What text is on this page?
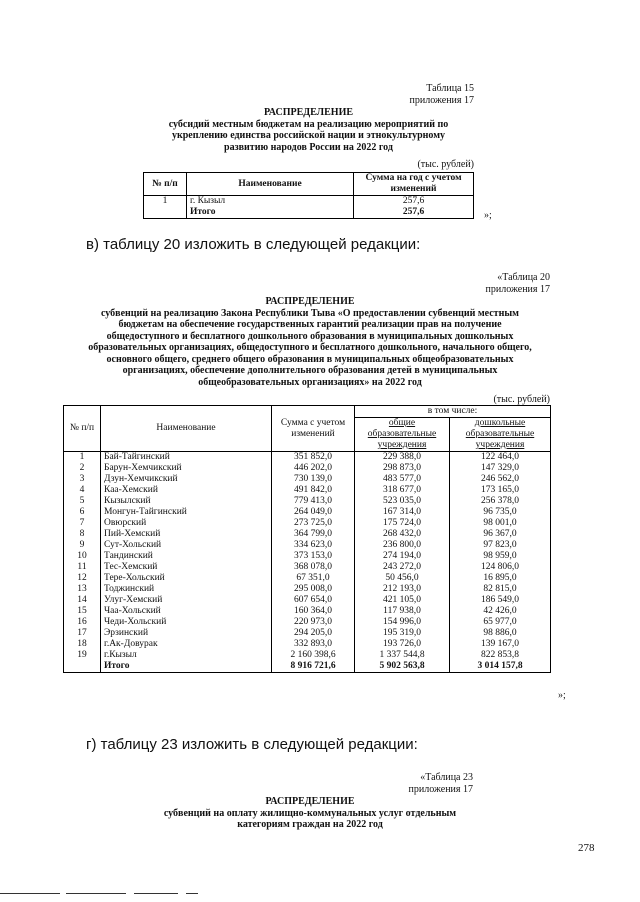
Таблица 15
приложения 17
РАСПРЕДЕЛЕНИЕ
субсидий местным бюджетам на реализацию мероприятий по
укреплению единства российской нации и этнокультурному
развитию народов России на 2022 год
(тыс. рублей)
№ п/п	Наименование	Сумма на год с учетом изменений
1	г. Кызыл	257,6
	Итого	257,6	»;
в) таблицу 20 изложить в следующей редакции:
«Таблица 20
приложения 17
РАСПРЕДЕЛЕНИЕ
субвенций на реализацию Закона Республики Тыва «О предоставлении субвенций местным
бюджетам на обеспечение государственных гарантий реализации прав на получение
общедоступного и бесплатного дошкольного образования в муниципальных дошкольных
образовательных организациях, общедоступного и бесплатного дошкольного, начального общего,
основного общего, среднего общего образования в муниципальных общеобразовательных
организациях, обеспечение дополнительного образования детей в муниципальных
общеобразовательных организациях» на 2022 год
(тыс. рублей)
№ п/п	Наименование	Сумма с учетом изменений	в том числе:	
			общие образовательные учреждения	дошкольные образовательные учреждения
1	Бай-Тайгинский	351 852,0	229 388,0	122 464,0
2	Барун-Хемчикский	446 202,0	298 873,0	147 329,0
3	Дзун-Хемчикский	730 139,0	483 577,0	246 562,0
4	Каа-Хемский	491 842,0	318 677,0	173 165,0
5	Кызылский	779 413,0	523 035,0	256 378,0
6	Монгун-Тайгинский	264 049,0	167 314,0	96 735,0
7	Овюрский	273 725,0	175 724,0	98 001,0
8	Пий-Хемский	364 799,0	268 432,0	96 367,0
9	Сут-Хольский	334 623,0	236 800,0	97 823,0
10	Тандинский	373 153,0	274 194,0	98 959,0
11	Тес-Хемский	368 078,0	243 272,0	124 806,0
12	Тере-Хольский	67 351,0	50 456,0	16 895,0
13	Тоджинский	295 008,0	212 193,0	82 815,0
14	Улуг-Хемский	607 654,0	421 105,0	186 549,0
15	Чаа-Хольский	160 364,0	117 938,0	42 426,0
16	Чеди-Хольский	220 973,0	154 996,0	65 977,0
17	Эрзинский	294 205,0	195 319,0	98 886,0
18	г.Ак-Довурак	332 893,0	193 726,0	139 167,0
19	г.Кызыл	2 160 398,6	1 337 544,8	822 853,8
	Итого	8 916 721,6	5 902 563,8	3 014 157,8
»;
г) таблицу 23 изложить в следующей редакции:
«Таблица 23
приложения 17
РАСПРЕДЕЛЕНИЕ
субвенций на оплату жилищно-коммунальных услуг отдельным
категориям граждан на 2022 год
278
